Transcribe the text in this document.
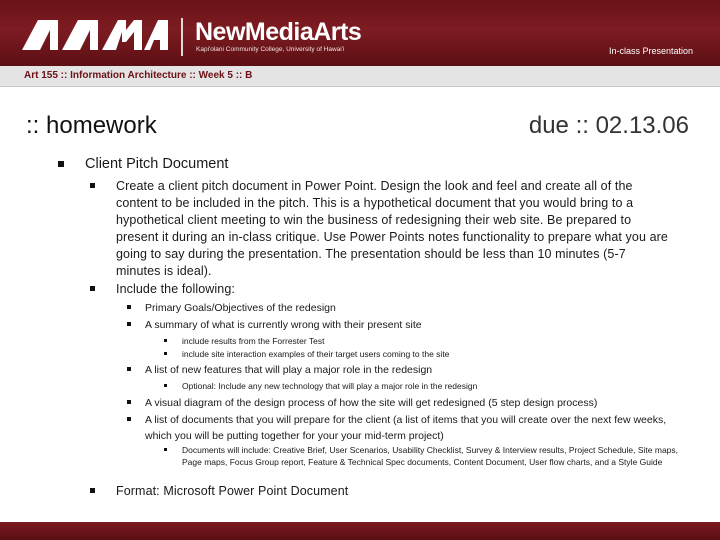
NewMediaArts
Kapi'olani Community College, University of Hawai'i	In-class Presentation
Art 155 :: Information Architecture :: Week 5 :: B
:: homework	due :: 02.13.06
Client Pitch Document
Create a client pitch document in Power Point. Design the look and feel and create all of the content to be included in the pitch. This is a hypothetical document that you would bring to a hypothetical client meeting to win the business of redesigning their web site. Be prepared to present it during an in-class critique. Use Power Points notes functionality to prepare what you are going to say during the presentation. The presentation should be less than 10 minutes (5-7 minutes is ideal).
Include the following:
Primary Goals/Objectives of the redesign
A summary of what is currently wrong with their present site
include results from the Forrester Test
include site interaction examples of their target users coming to the site
A list of new features that will play a major role in the redesign
Optional: Include any new technology that will play a major role in the redesign
A visual diagram of the design process of how the site will get redesigned (5 step design process)
A list of documents that you will prepare for the client (a list of items that you will create over the next few weeks, which you will be putting together for your your mid-term project)
Documents will include: Creative Brief, User Scenarios, Usability Checklist, Survey & Interview results, Project Schedule, Site maps, Page maps, Focus Group report, Feature & Technical Spec documents, Content Document, User flow charts, and a Style Guide
Format: Microsoft Power Point Document
